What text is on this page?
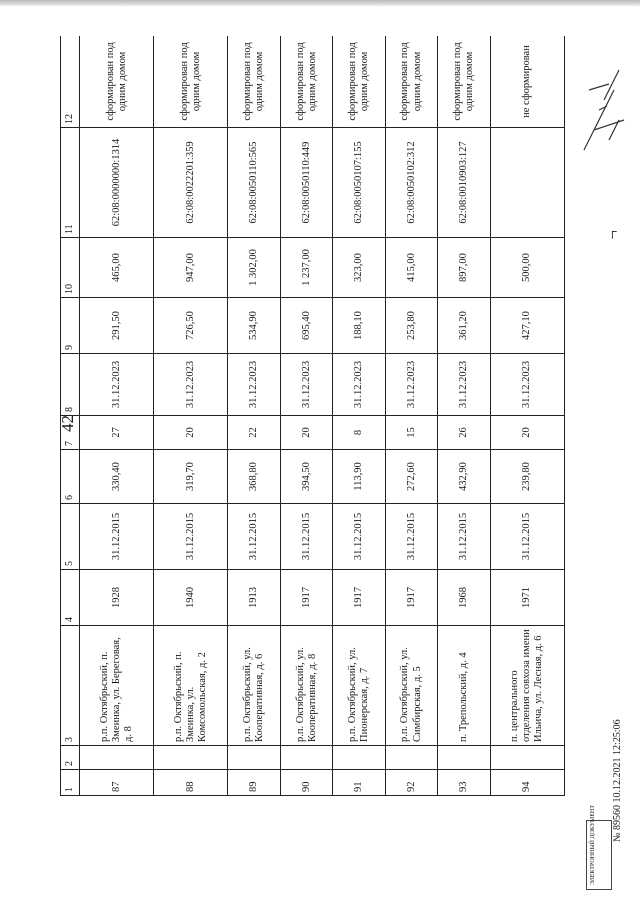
42
1	2	3	4	5	6	7	8	9	10	11	12
87		р.п. Октябрьский, п. Змеинка, ул. Береговая, д. 8	1928	31.12.2015	330,40	27	31.12.2023	291,50	465,00	62:08:0000000:1314	сформирован под одним домом
88		р.п. Октябрьский, п. Змеинка, ул. Комсомольская, д. 2	1940	31.12.2015	319,70	20	31.12.2023	726,50	947,00	62:08:0022201:359	сформирован под одним домом
89		р.п. Октябрьский, ул. Кооперативная, д. 6	1913	31.12.2015	368,80	22	31.12.2023	534,90	1 302,00	62:08:0050110:565	сформирован под одним домом
90		р.п. Октябрьский, ул. Кооперативная, д. 8	1917	31.12.2015	394,50	20	31.12.2023	695,40	1 237,00	62:08:0050110:449	сформирован под одним домом
91		р.п. Октябрьский, ул. Пионерская, д. 7	1917	31.12.2015	113,90	8	31.12.2023	188,10	323,00	62:08:0050107:155	сформирован под одним домом
92		р.п. Октябрьский, ул. Симбирская, д. 5	1917	31.12.2015	272,60	15	31.12.2023	253,80	415,00	62:08:0050102:312	сформирован под одним домом
93		п. Трепольский, д. 4	1968	31.12.2015	432,90	26	31.12.2023	361,20	897,00	62:08:0010903:127	сформирован под одним домом
94		п. центрального отделения совхоза имени Ильича, ул. Лесная, д. 6	1971	31.12.2015	239,80	20	31.12.2023	427,10	500,00		не сформирован
┌
ЭЛЕКТРОННЫЙ ДОКУМЕНТ
№ 89560 10.12.2021 12:25:06
